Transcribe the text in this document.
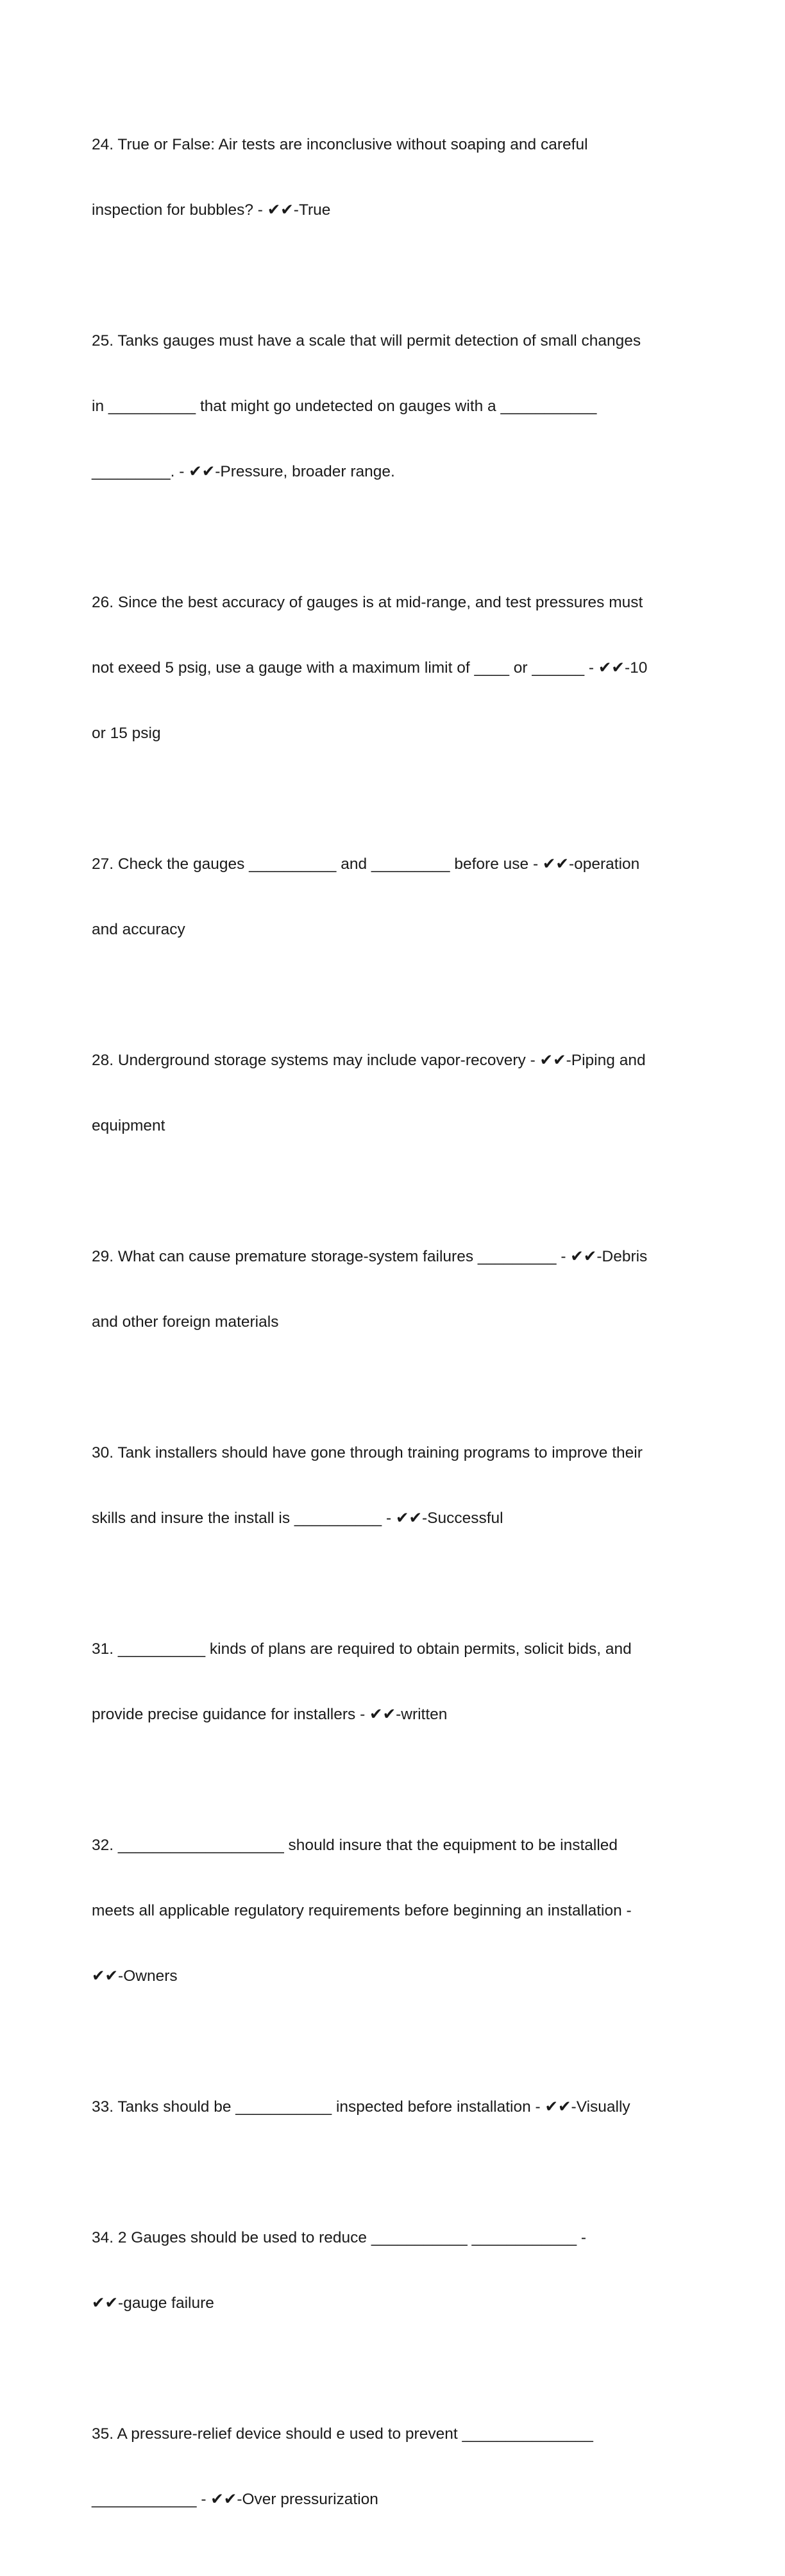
24. True or False: Air tests are inconclusive without soaping and careful

inspection for bubbles? - ✔✔-True

25. Tanks gauges must have a scale that will permit detection of small changes

in __________ that might go undetected on gauges with a ___________

_________. - ✔✔-Pressure, broader range.

26. Since the best accuracy of gauges is at mid-range, and test pressures must

not exeed 5 psig, use a gauge with a maximum limit of ____ or ______ - ✔✔-10

or 15 psig

27. Check the gauges __________ and _________ before use - ✔✔-operation

and accuracy

28. Underground storage systems may include vapor-recovery - ✔✔-Piping and

equipment

29. What can cause premature storage-system failures _________ - ✔✔-Debris

and other foreign materials

30. Tank installers should have gone through training programs to improve their

skills and insure the install is __________ - ✔✔-Successful

31. __________ kinds of plans are required to obtain permits, solicit bids, and

provide precise guidance for installers - ✔✔-written

32. ___________________ should insure that the equipment to be installed

meets all applicable regulatory requirements before beginning an installation -

✔✔-Owners

33. Tanks should be ___________ inspected before installation - ✔✔-Visually

34. 2 Gauges should be used to reduce ___________ ____________ -

✔✔-gauge failure

35. A pressure-relief device should e used to prevent _______________

____________ - ✔✔-Over pressurization
